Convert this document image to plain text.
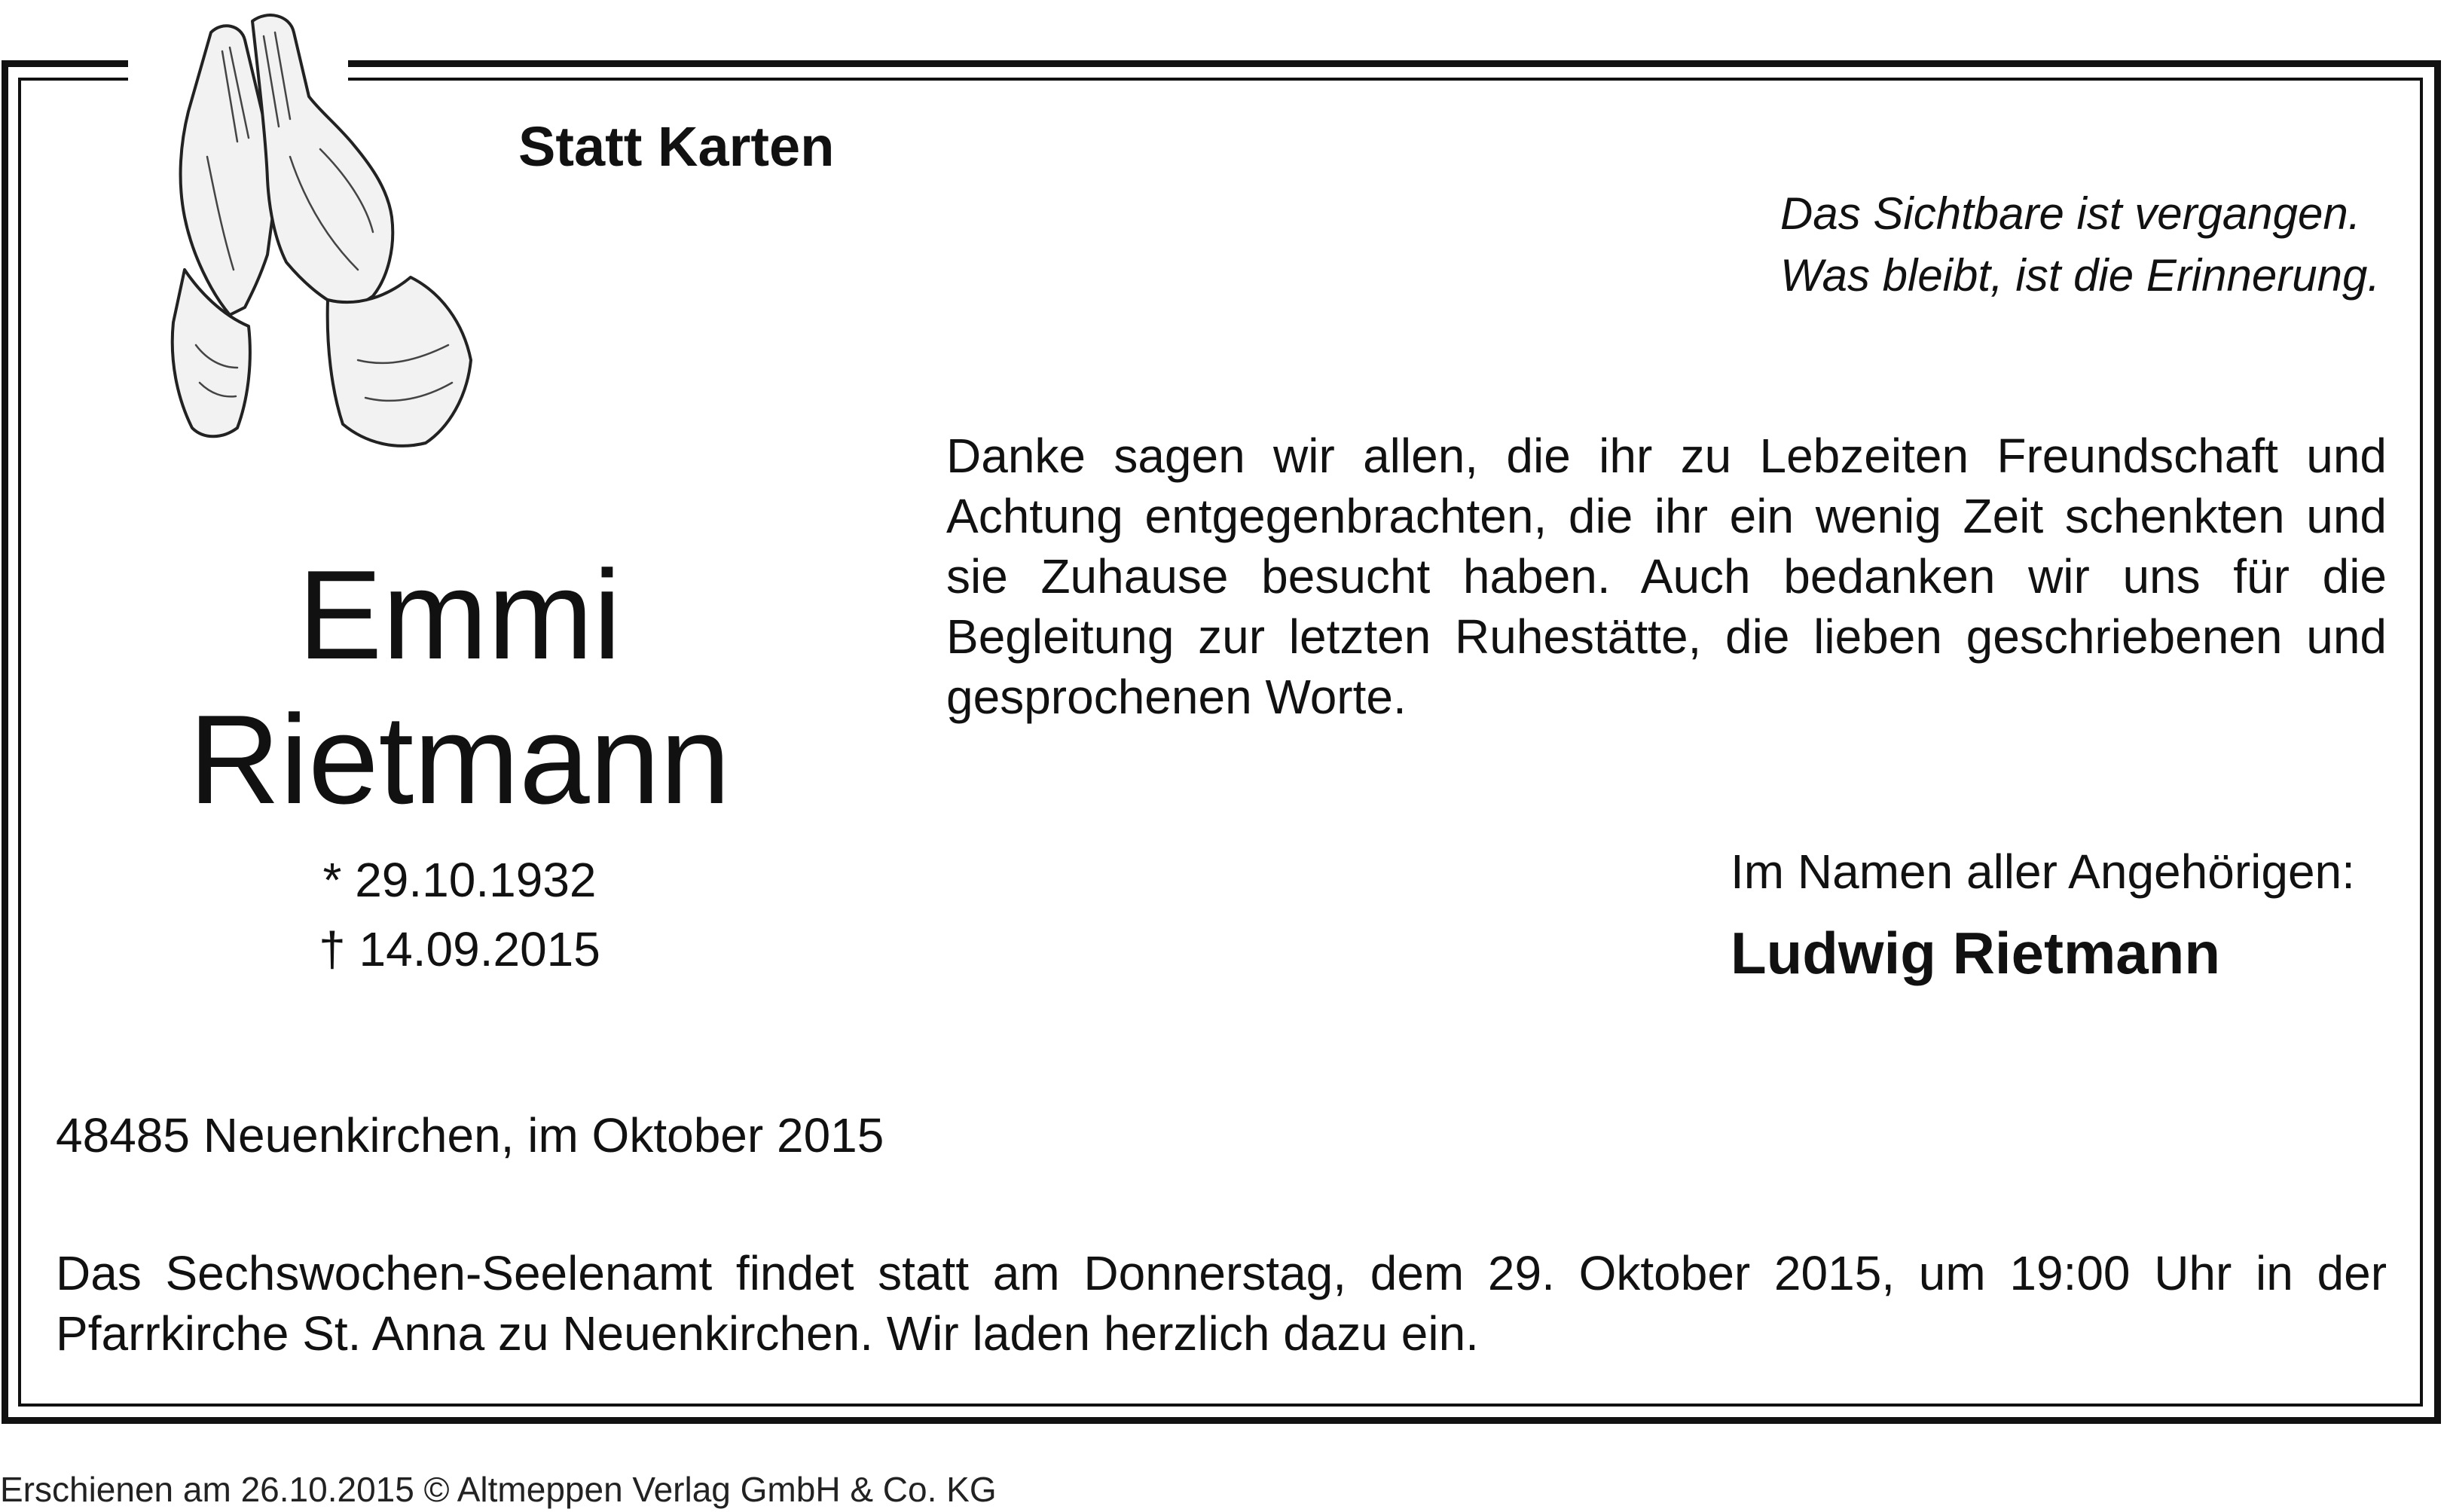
Statt Karten
Das Sichtbare ist vergangen.
Was bleibt, ist die Erinnerung.
Danke sagen wir allen, die ihr zu Lebzeiten Freundschaft und Achtung entgegenbrachten, die ihr ein wenig Zeit schenkten und sie Zuhause besucht haben. Auch bedanken wir uns für die Begleitung zur letzten Ruhestätte, die lieben geschriebenen und gesprochenen Worte.
Emmi
Rietmann
* 29.10.1932
† 14.09.2015
Im Namen aller Angehörigen:
Ludwig Rietmann
48485 Neuenkirchen, im Oktober 2015
Das Sechswochen-Seelenamt findet statt am Donnerstag, dem 29. Oktober 2015, um 19:00 Uhr in der Pfarrkirche St. Anna zu Neuenkirchen. Wir laden herzlich dazu ein.
Erschienen am 26.10.2015 © Altmeppen Verlag GmbH & Co. KG
